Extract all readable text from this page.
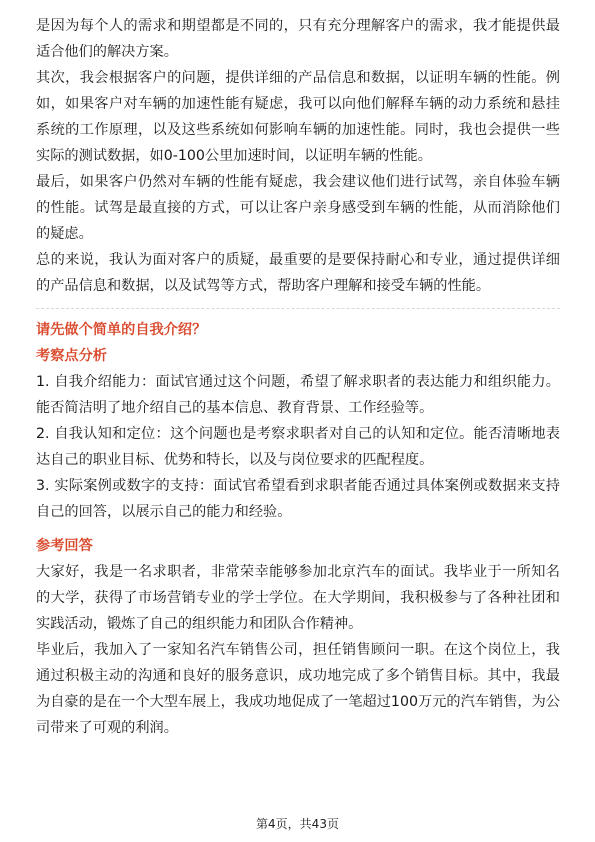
是因为每个人的需求和期望都是不同的，只有充分理解客户的需求，我才能提供最适合他们的解决方案。

其次，我会根据客户的问题，提供详细的产品信息和数据，以证明车辆的性能。例如，如果客户对车辆的加速性能有疑虑，我可以向他们解释车辆的动力系统和悬挂系统的工作原理，以及这些系统如何影响车辆的加速性能。同时，我也会提供一些实际的测试数据，如0-100公里加速时间，以证明车辆的性能。

最后，如果客户仍然对车辆的性能有疑虑，我会建议他们进行试驾，亲自体验车辆的性能。试驾是最直接的方式，可以让客户亲身感受到车辆的性能，从而消除他们的疑虑。

总的来说，我认为面对客户的质疑，最重要的是要保持耐心和专业，通过提供详细的产品信息和数据，以及试驾等方式，帮助客户理解和接受车辆的性能。

请先做个简单的自我介绍？

考察点分析

1. 自我介绍能力：面试官通过这个问题，希望了解求职者的表达能力和组织能力。能否简洁明了地介绍自己的基本信息、教育背景、工作经验等。

2. 自我认知和定位：这个问题也是考察求职者对自己的认知和定位。能否清晰地表达自己的职业目标、优势和特长，以及与岗位要求的匹配程度。

3. 实际案例或数字的支持：面试官希望看到求职者能否通过具体案例或数据来支持自己的回答，以展示自己的能力和经验。

参考回答

大家好，我是一名求职者，非常荣幸能够参加北京汽车的面试。我毕业于一所知名的大学，获得了市场营销专业的学士学位。在大学期间，我积极参与了各种社团和实践活动，锻炼了自己的组织能力和团队合作精神。

毕业后，我加入了一家知名汽车销售公司，担任销售顾问一职。在这个岗位上，我通过积极主动的沟通和良好的服务意识，成功地完成了多个销售目标。其中，我最为自豪的是在一个大型车展上，我成功地促成了一笔超过100万元的汽车销售，为公司带来了可观的利润。

第4页，共43页
